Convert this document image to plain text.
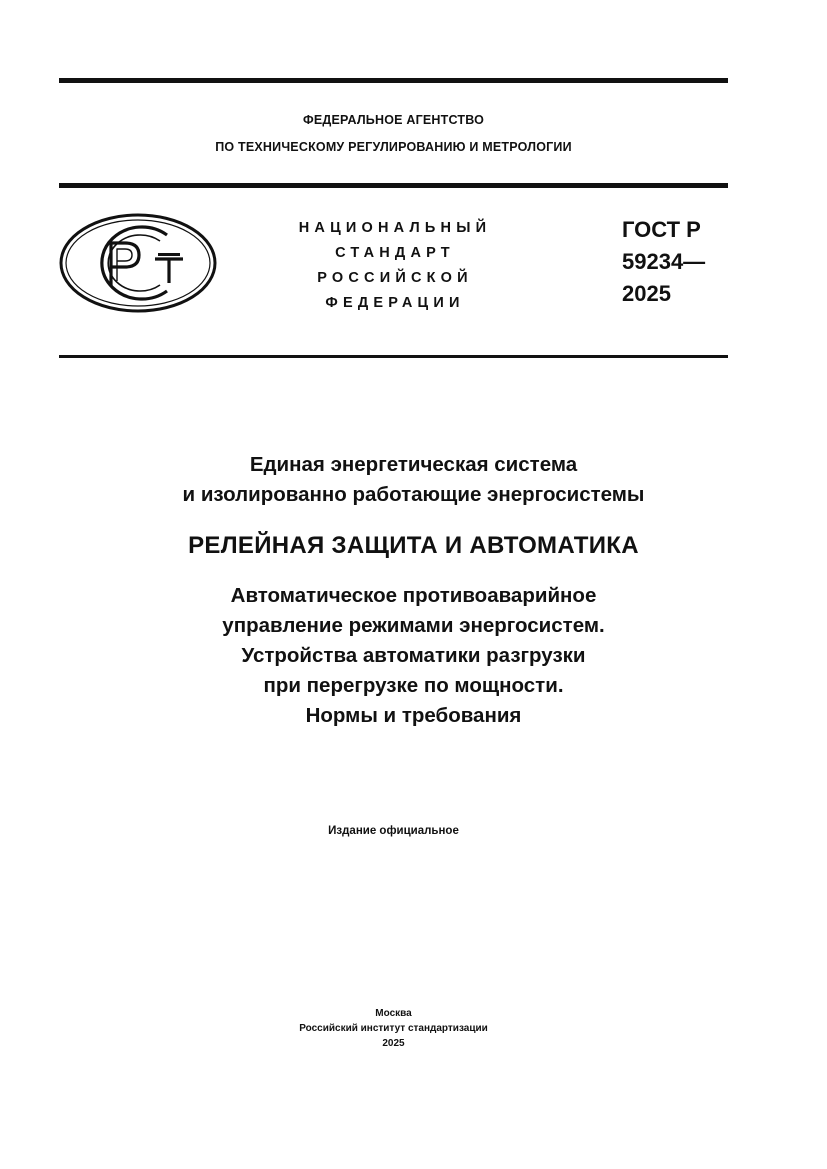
ФЕДЕРАЛЬНОЕ АГЕНТСТВО
ПО ТЕХНИЧЕСКОМУ РЕГУЛИРОВАНИЮ И МЕТРОЛОГИИ
НАЦИОНАЛЬНЫЙ
СТАНДАРТ
РОССИЙСКОЙ
ФЕДЕРАЦИИ
ГОСТ Р
59234—
2025
Единая энергетическая система
и изолированно работающие энергосистемы
РЕЛЕЙНАЯ ЗАЩИТА И АВТОМАТИКА
Автоматическое противоаварийное
управление режимами энергосистем.
Устройства автоматики разгрузки
при перегрузке по мощности.
Нормы и требования
Издание официальное
Москва
Российский институт стандартизации
2025
